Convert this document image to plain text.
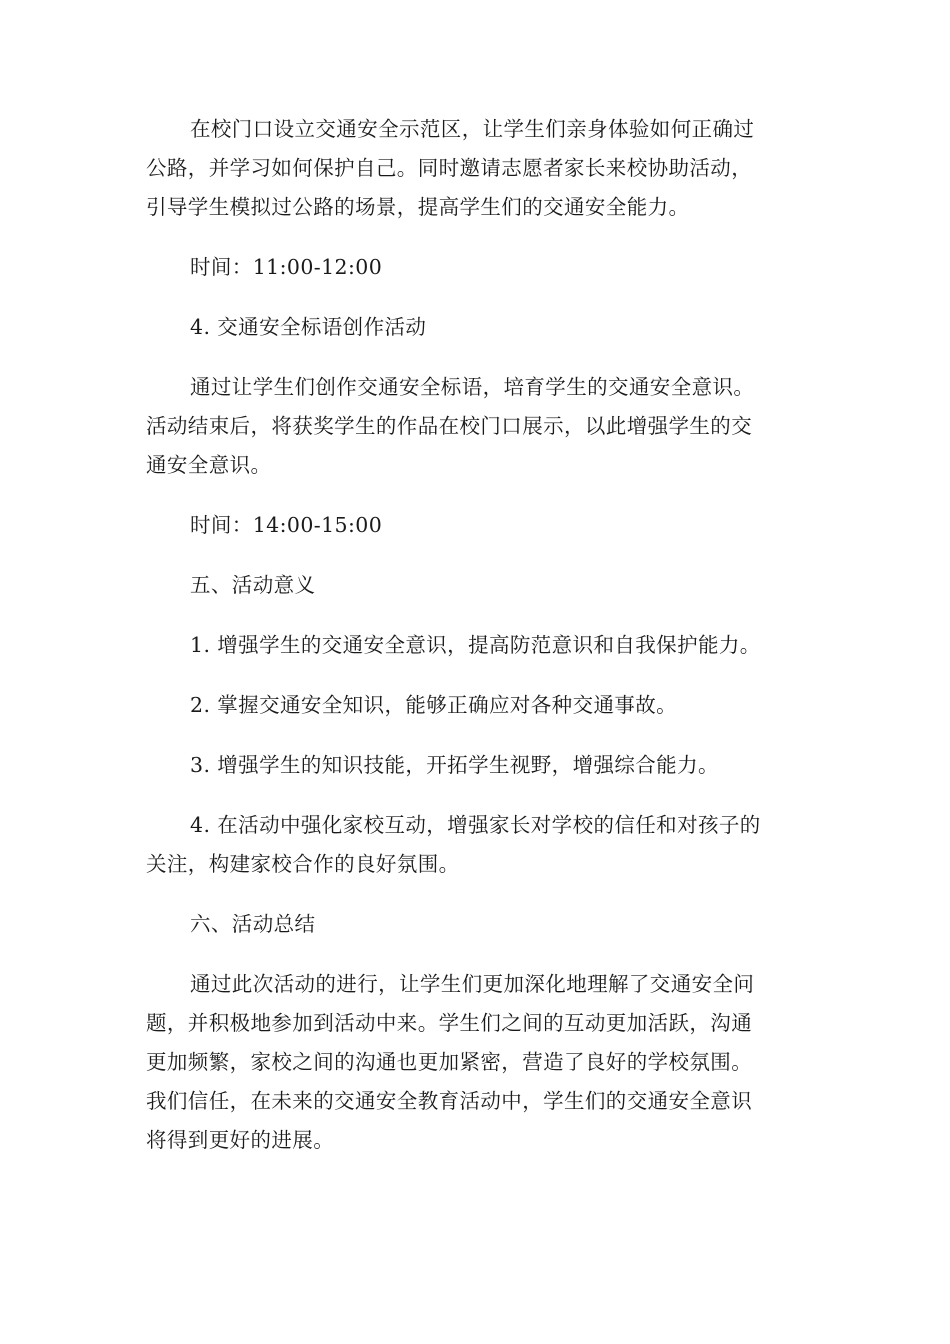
在校门口设立交通安全示范区，让学生们亲身体验如何正确过
公路，并学习如何保护自己。同时邀请志愿者家长来校协助活动，
引导学生模拟过公路的场景，提高学生们的交通安全能力。

时间：11:00-12:00

4. 交通安全标语创作活动

通过让学生们创作交通安全标语，培育学生的交通安全意识。
活动结束后，将获奖学生的作品在校门口展示，以此增强学生的交
通安全意识。

时间：14:00-15:00

五、活动意义

1. 增强学生的交通安全意识，提高防范意识和自我保护能力。

2. 掌握交通安全知识，能够正确应对各种交通事故。

3. 增强学生的知识技能，开拓学生视野，增强综合能力。

4. 在活动中强化家校互动，增强家长对学校的信任和对孩子的
关注，构建家校合作的良好氛围。

六、活动总结

通过此次活动的进行，让学生们更加深化地理解了交通安全问
题，并积极地参加到活动中来。学生们之间的互动更加活跃，沟通
更加频繁，家校之间的沟通也更加紧密，营造了良好的学校氛围。
我们信任，在未来的交通安全教育活动中，学生们的交通安全意识
将得到更好的进展。
